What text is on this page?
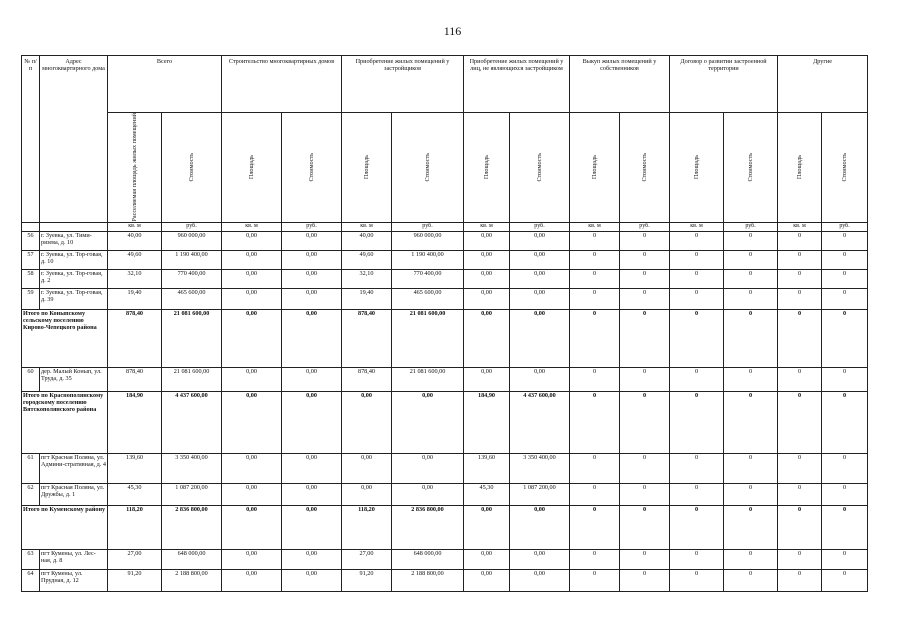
116
№ п/п	Адрес многоквартирного дома	Всего		Строительство многоквартирных домов		Приобретение жилых помещений у застройщиков		Приобретение жилых помещений у лиц, не являющихся застройщиком		Выкуп жилых помещений у собственников		Договор о развитии застроенной территории		Другие	

		Расселяемая площадь жилых помещений	Стоимость	Площадь	Стоимость	Площадь	Стоимость	Площадь	Стоимость	Площадь	Стоимость	Площадь	Стоимость	Площадь	Стоимость

		кв. м	руб.	кв. м	руб.	кв. м	руб.	кв. м	руб.	кв. м	руб.	кв. м	руб.	кв. м	руб.
56	г. Зуевка, ул. Тими-рязева, д. 10	40,00	960 000,00	0,00	0,00	40,00	960 000,00	0,00	0,00	0	0	0	0	0	0
57	г. Зуевка, ул. Тор-говая, д. 10	49,60	1 190 400,00	0,00	0,00	49,60	1 190 400,00	0,00	0,00	0	0	0	0	0	0
58	г. Зуевка, ул. Тор-говая, д. 2	32,10	770 400,00	0,00	0,00	32,10	770 400,00	0,00	0,00	0	0	0	0	0	0
59	г. Зуевка, ул. Тор-говая, д. 39	19,40	465 600,00	0,00	0,00	19,40	465 600,00	0,00	0,00	0	0	0	0	0	0
Итого по Коныпскому сельскому поселению Кирово-Чепецкого района		878,40	21 081 600,00	0,00	0,00	878,40	21 081 600,00	0,00	0,00	0	0	0	0	0	0
60	дер. Малый Конып, ул. Труда, д. 35	878,40	21 081 600,00	0,00	0,00	878,40	21 081 600,00	0,00	0,00	0	0	0	0	0	0
Итого по Краснополянскому городскому поселению Вятскополянского района		184,90	4 437 600,00	0,00	0,00	0,00	0,00	184,90	4 437 600,00	0	0	0	0	0	0
61	пгт Красная Поляна, ул. Админи-стративная, д. 4	139,60	3 350 400,00	0,00	0,00	0,00	0,00	139,60	3 350 400,00	0	0	0	0	0	0
62	пгт Красная Поляна, ул. Дружбы, д. 1	45,30	1 087 200,00	0,00	0,00	0,00	0,00	45,30	1 087 200,00	0	0	0	0	0	0
Итого по Куменскому району		118,20	2 836 800,00	0,00	0,00	118,20	2 836 800,00	0,00	0,00	0	0	0	0	0	0
63	пгт Кумены, ул. Лес-ная, д. 8	27,00	648 000,00	0,00	0,00	27,00	648 000,00	0,00	0,00	0	0	0	0	0	0
64	пгт Кумены, ул. Прудная, д. 12	91,20	2 188 800,00	0,00	0,00	91,20	2 188 800,00	0,00	0,00	0	0	0	0	0	0
